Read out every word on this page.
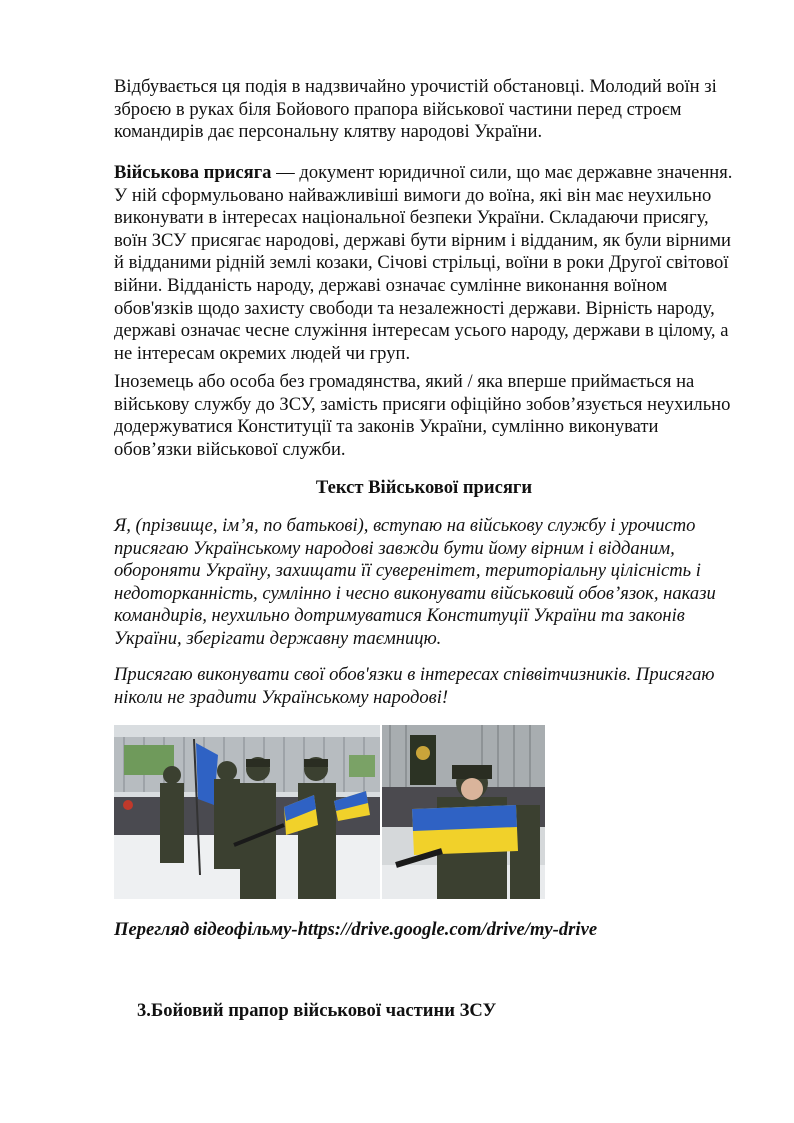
Відбувається ця подія в надзвичайно урочистій обстановці. Молодий воїн зі зброєю в руках біля Бойового прапора військової частини перед строєм командирів дає персональну клятву народові України.

Військова присяга — документ юридичної сили, що має державне значення. У ній сформульовано найважливіші вимоги до воїна, які він має неухильно виконувати в інтересах національної безпеки України. Складаючи присягу, воїн ЗСУ присягає народові, державі бути вірним і відданим, як були вірними й відданими рідній землі козаки, Січові стрільці, воїни в роки Другої світової війни. Відданість народу, державі означає сумлінне виконання воїном обов'язків щодо захисту свободи та незалежності держави. Вірність народу, державі означає чесне служіння інтересам усього народу, держави в цілому, а не інтересам окремих людей чи груп.

Іноземець або особа без громадянства, який / яка вперше приймається на військову службу до ЗСУ, замість присяги офіційно зобов’язується неухильно додержуватися Конституції та законів України, сумлінно виконувати обов’язки військової служби.

Текст Військової присяги

Я, (прізвище, ім’я, по батькові), вступаю на військову службу і урочисто присягаю Українському народові завжди бути йому вірним і відданим, обороняти Україну, захищати її суверенітет, територіальну цілісність і недоторканність, сумлінно і чесно виконувати військовий обов’язок, накази командирів, неухильно дотримуватися Конституції України та законів України, зберігати державну таємницю.

Присягаю виконувати свої обов'язки в інтересах співвітчизників. Присягаю ніколи не зрадити Українському народові!

Перегляд відеофільму-https://drive.google.com/drive/my-drive

3.Бойовий прапор військової частини ЗСУ
